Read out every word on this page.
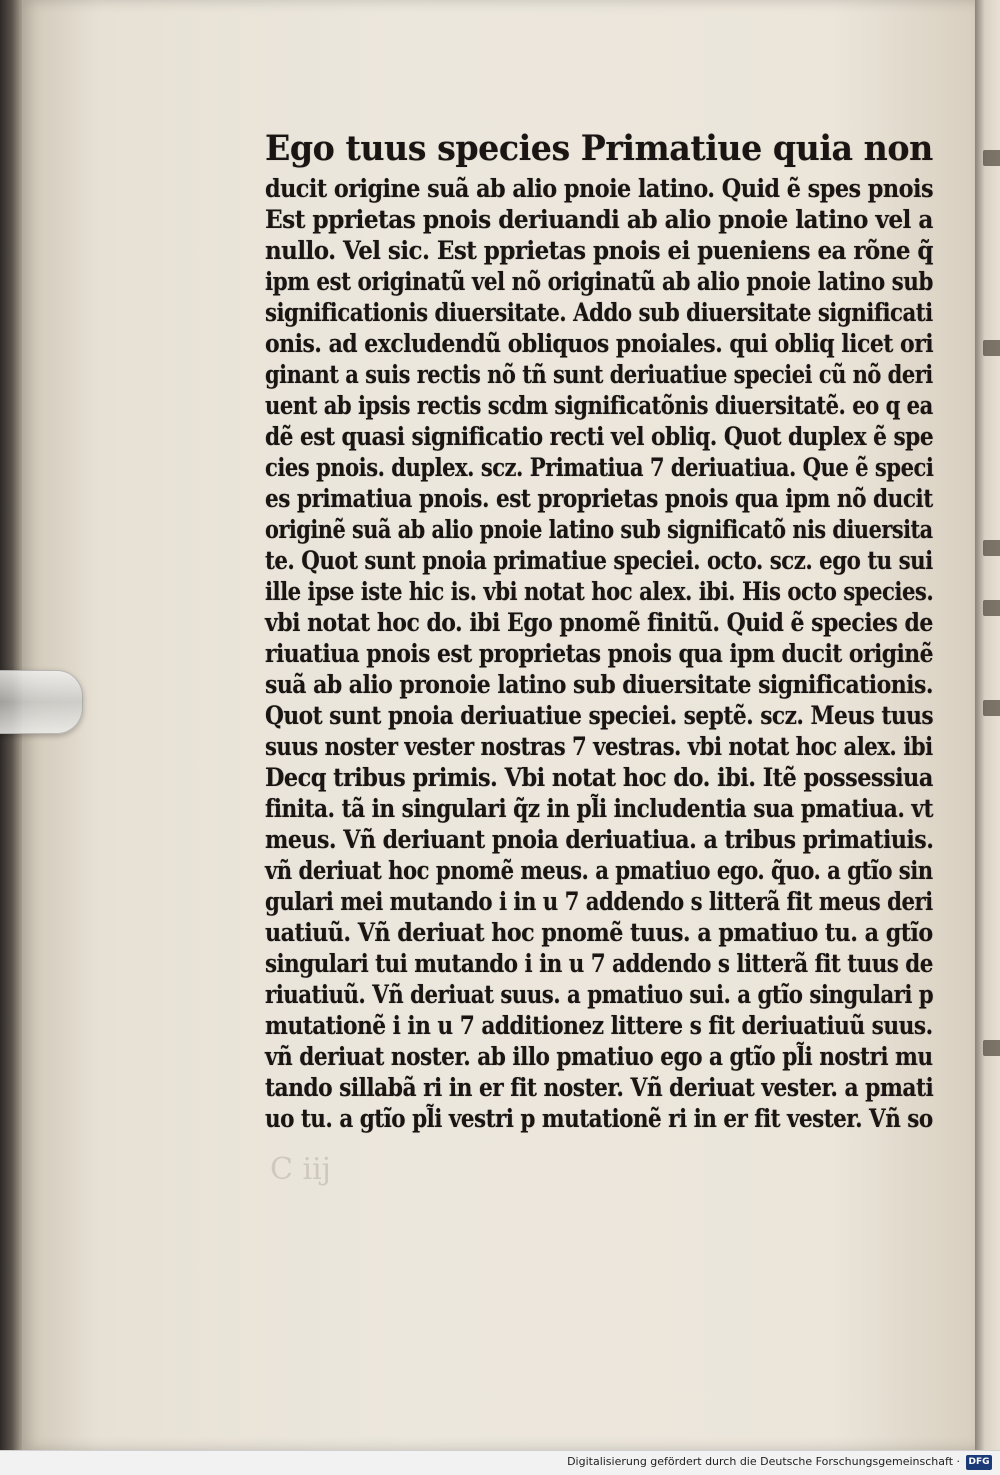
Ego tuus species Primatiue quia non
ducit origine suã ab alio pnoie latino. Quid ẽ spes pnois
Est pprietas pnois deriuandi ab alio pnoie latino vel a
nullo. Vel sic. Est pprietas pnois ei pueniens ea rõne q̃
ipm est originatũ vel nõ originatũ ab alio pnoie latino sub
significationis diuersitate. Addo sub diuersitate significati
onis. ad excludendũ obliquos pnoiales. qui obliq licet ori
ginant a suis rectis nõ tñ sunt deriuatiue speciei cũ nõ deri
uent ab ipsis rectis scdm significatõnis diuersitatẽ. eo q ea
dẽ est quasi significatio recti vel obliq. Quot duplex ẽ spe
cies pnois. duplex. scz. Primatiua 7 deriuatiua. Que ẽ speci
es primatiua pnois. est proprietas pnois qua ipm nõ ducit
originẽ suã ab alio pnoie latino sub significatõ nis diuersita
te. Quot sunt pnoia primatiue speciei. octo. scz. ego tu sui
ille ipse iste hic is. vbi notat hoc alex. ibi. His octo species.
vbi notat hoc do. ibi Ego pnomẽ finitũ. Quid ẽ species de
riuatiua pnois est proprietas pnois qua ipm ducit originẽ
suã ab alio pronoie latino sub diuersitate significationis.
Quot sunt pnoia deriuatiue speciei. septẽ. scz. Meus tuus
suus noster vester nostras 7 vestras. vbi notat hoc alex. ibi
Decq tribus primis. Vbi notat hoc do. ibi. Itẽ possessiua
finita. tã in singulari q̃z in pl̃i includentia sua pmatiua. vt
meus. Vñ deriuant pnoia deriuatiua. a tribus primatiuis.
vñ deriuat hoc pnomẽ meus. a pmatiuo ego. q̃uo. a gtĩo sin
gulari mei mutando i in u 7 addendo s litterã fit meus deri
uatiuũ. Vñ deriuat hoc pnomẽ tuus. a pmatiuo tu. a gtĩo
singulari tui mutando i in u 7 addendo s litterã fit tuus de
riuatiuũ. Vñ deriuat suus. a pmatiuo sui. a gtĩo singulari p
mutationẽ i in u 7 additionez littere s fit deriuatiuũ suus.
vñ deriuat noster. ab illo pmatiuo ego a gtĩo pl̃i nostri mu
tando sillabã ri in er fit noster. Vñ deriuat vester. a pmati
uo tu. a gtĩo pl̃i vestri p mutationẽ ri in er fit vester. Vñ so
C iij
Digitalisierung gefördert durch die Deutsche Forschungsgemeinschaft · DFG
